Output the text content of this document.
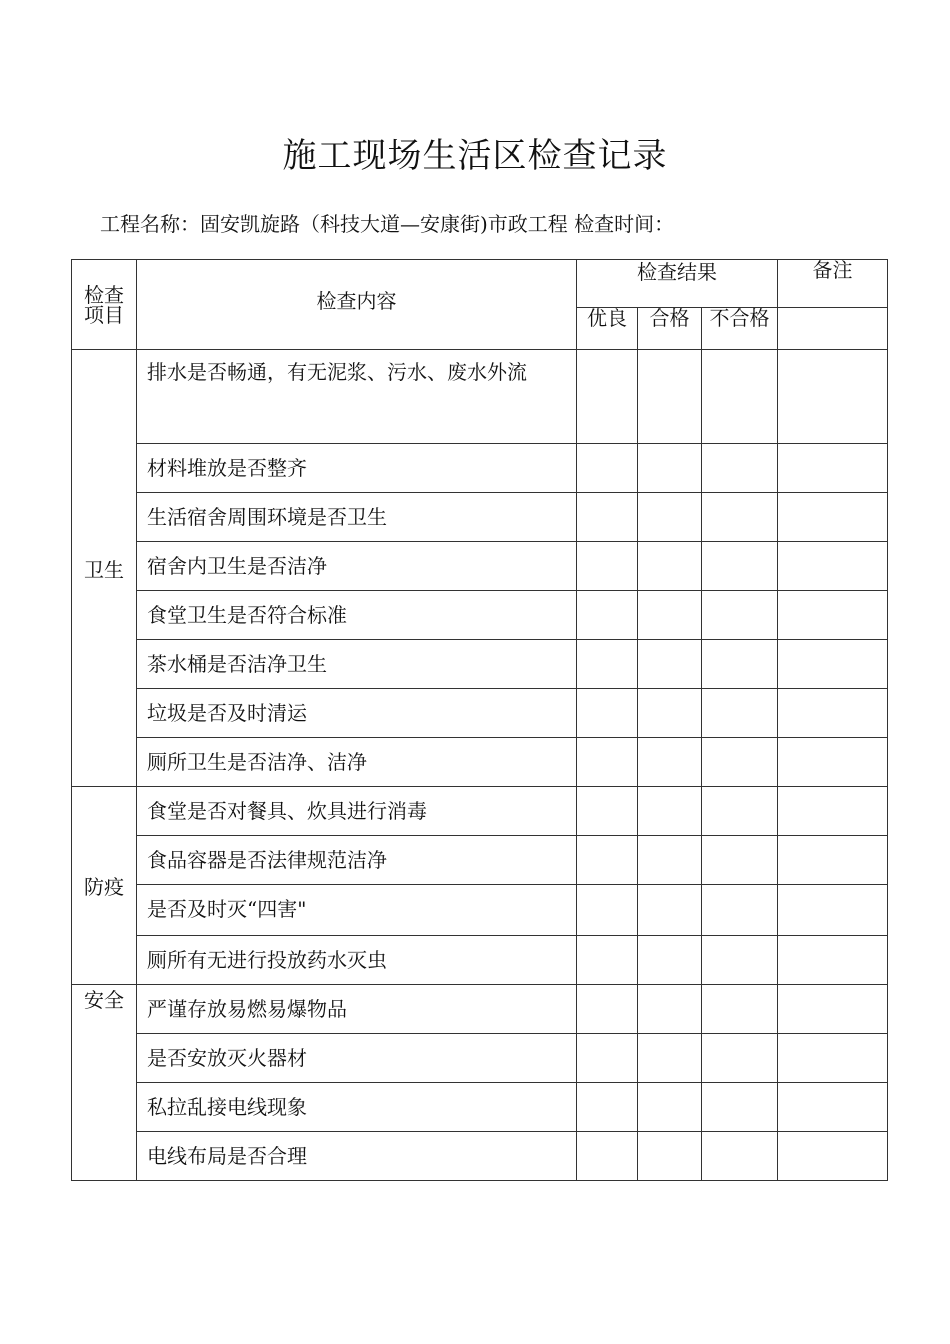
施工现场生活区检查记录
工程名称：固安凯旋路（科技大道—安康街)市政工程 检查时间：
检查
项目	检查内容	检查结果			备注
		优良	合格	不合格	
卫生	排水是否畅通，有无泥浆、污水、废水外流				
	材料堆放是否整齐				
	生活宿舍周围环境是否卫生				
	宿舍内卫生是否洁净				
	食堂卫生是否符合标准				
	茶水桶是否洁净卫生				
	垃圾是否及时清运				
	厕所卫生是否洁净、洁净				
防疫	食堂是否对餐具、炊具进行消毒				
	食品容器是否法律规范洁净				
	是否及时灭“四害"				
	厕所有无进行投放药水灭虫				

安全	严谨存放易燃易爆物品				
	是否安放灭火器材				
	私拉乱接电线现象				
	电线布局是否合理				
